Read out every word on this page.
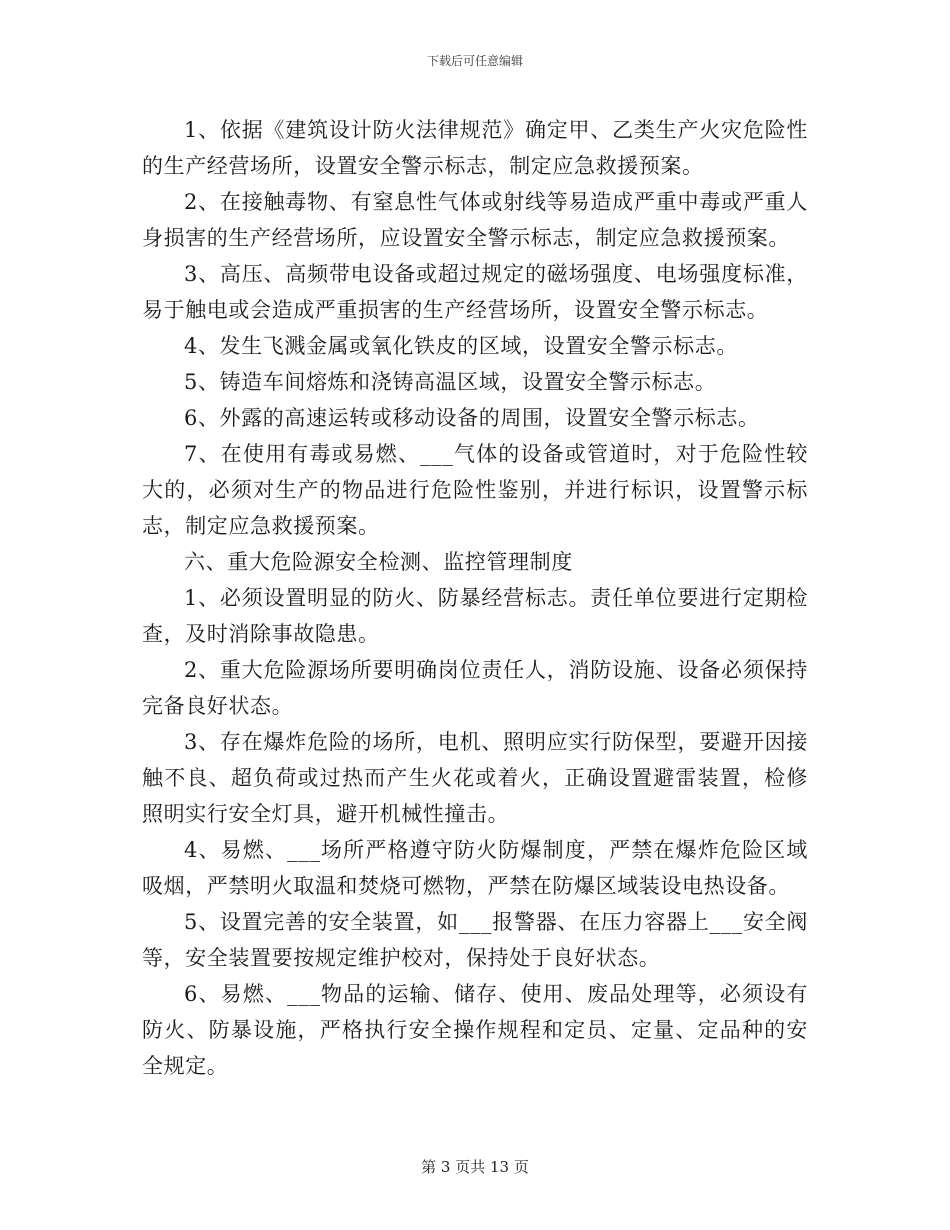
下载后可任意编辑

1、依据《建筑设计防火法律规范》确定甲、乙类生产火灾危险性的生产经营场所，设置安全警示标志，制定应急救援预案。

2、在接触毒物、有窒息性气体或射线等易造成严重中毒或严重人身损害的生产经营场所，应设置安全警示标志，制定应急救援预案。

3、高压、高频带电设备或超过规定的磁场强度、电场强度标准，易于触电或会造成严重损害的生产经营场所，设置安全警示标志。

4、发生飞溅金属或氧化铁皮的区域，设置安全警示标志。

5、铸造车间熔炼和浇铸高温区域，设置安全警示标志。

6、外露的高速运转或移动设备的周围，设置安全警示标志。

7、在使用有毒或易燃、___气体的设备或管道时，对于危险性较大的，必须对生产的物品进行危险性鉴别，并进行标识，设置警示标志，制定应急救援预案。

六、重大危险源安全检测、监控管理制度

1、必须设置明显的防火、防暴经营标志。责任单位要进行定期检查，及时消除事故隐患。

2、重大危险源场所要明确岗位责任人，消防设施、设备必须保持完备良好状态。

3、存在爆炸危险的场所，电机、照明应实行防保型，要避开因接触不良、超负荷或过热而产生火花或着火，正确设置避雷装置，检修照明实行安全灯具，避开机械性撞击。

4、易燃、___场所严格遵守防火防爆制度，严禁在爆炸危险区域吸烟，严禁明火取温和焚烧可燃物，严禁在防爆区域装设电热设备。

5、设置完善的安全装置，如___报警器、在压力容器上___安全阀等，安全装置要按规定维护校对，保持处于良好状态。

6、易燃、___物品的运输、储存、使用、废品处理等，必须设有防火、防暴设施，严格执行安全操作规程和定员、定量、定品种的安全规定。

第 3 页共 13 页
